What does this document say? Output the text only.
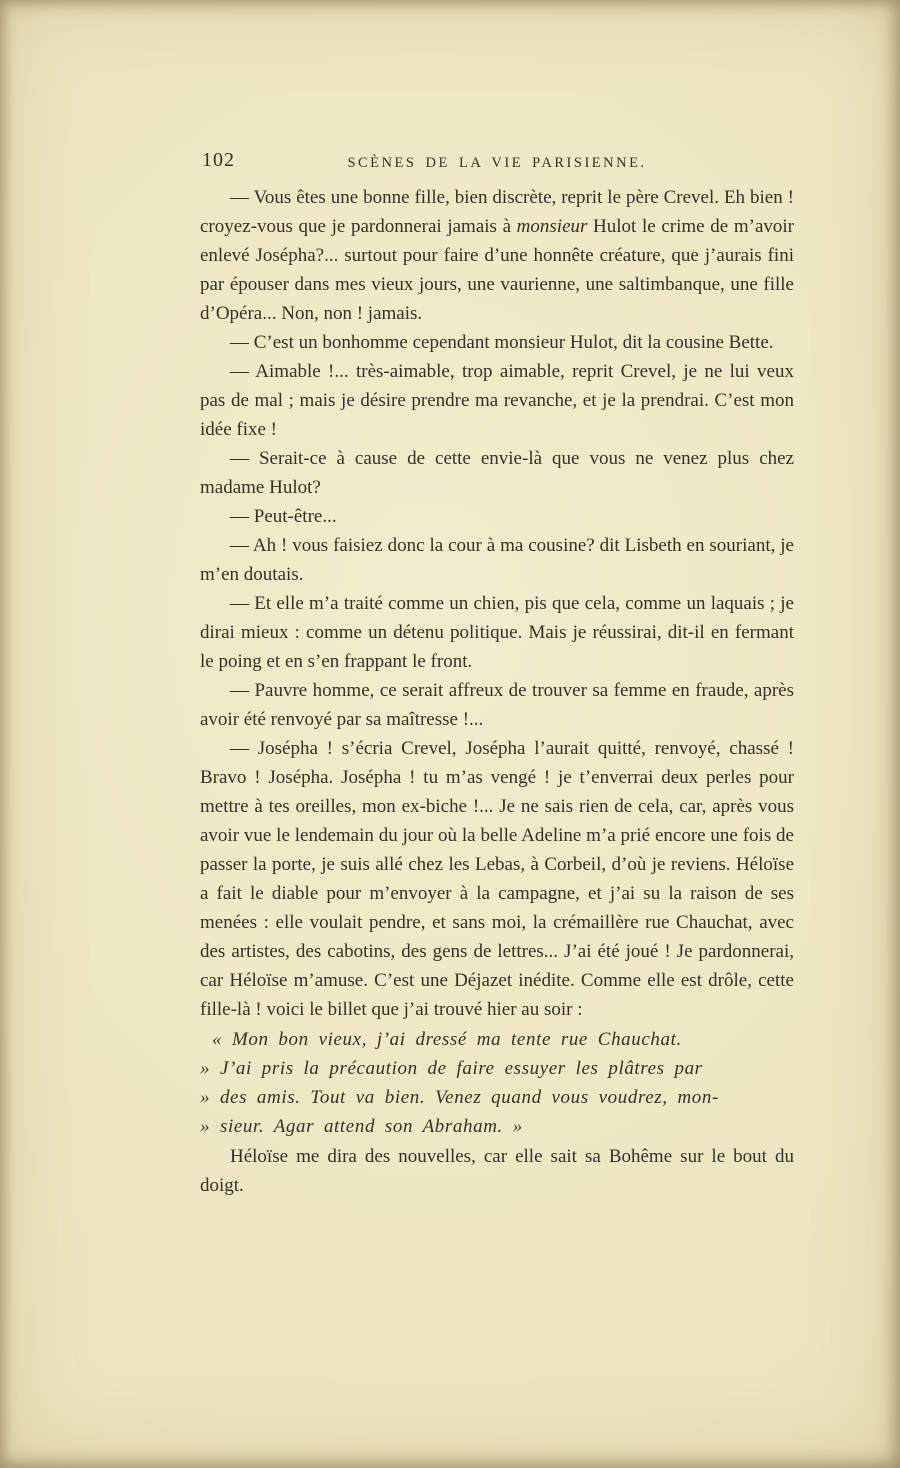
102	SCÈNES DE LA VIE PARISIENNE.
— Vous êtes une bonne fille, bien discrète, reprit le père Crevel. Eh bien ! croyez-vous que je pardonnerai jamais à monsieur Hulot le crime de m’avoir enlevé Josépha?... surtout pour faire d’une honnête créature, que j’aurais fini par épouser dans mes vieux jours, une vaurienne, une saltimbanque, une fille d’Opéra... Non, non ! jamais.
— C’est un bonhomme cependant monsieur Hulot, dit la cousine Bette.
— Aimable !... très-aimable, trop aimable, reprit Crevel, je ne lui veux pas de mal ; mais je désire prendre ma revanche, et je la prendrai. C’est mon idée fixe !
— Serait-ce à cause de cette envie-là que vous ne venez plus chez madame Hulot?
— Peut-être...
— Ah ! vous faisiez donc la cour à ma cousine? dit Lisbeth en souriant, je m’en doutais.
— Et elle m’a traité comme un chien, pis que cela, comme un laquais ; je dirai mieux : comme un détenu politique. Mais je réussirai, dit-il en fermant le poing et en s’en frappant le front.
— Pauvre homme, ce serait affreux de trouver sa femme en fraude, après avoir été renvoyé par sa maîtresse !...
— Josépha ! s’écria Crevel, Josépha l’aurait quitté, renvoyé, chassé ! Bravo ! Josépha. Josépha ! tu m’as vengé ! je t’enverrai deux perles pour mettre à tes oreilles, mon ex-biche !... Je ne sais rien de cela, car, après vous avoir vue le lendemain du jour où la belle Adeline m’a prié encore une fois de passer la porte, je suis allé chez les Lebas, à Corbeil, d’où je reviens. Héloïse a fait le diable pour m’envoyer à la campagne, et j’ai su la raison de ses menées : elle voulait pendre, et sans moi, la crémaillère rue Chauchat, avec des artistes, des cabotins, des gens de lettres... J’ai été joué ! Je pardonnerai, car Héloïse m’amuse. C’est une Déjazet inédite. Comme elle est drôle, cette fille-là ! voici le billet que j’ai trouvé hier au soir :
« Mon bon vieux, j’ai dressé ma tente rue Chauchat.
» J’ai pris la précaution de faire essuyer les plâtres par
» des amis. Tout va bien. Venez quand vous voudrez, mon-
» sieur. Agar attend son Abraham. »
Héloïse me dira des nouvelles, car elle sait sa Bohême sur le bout du doigt.
